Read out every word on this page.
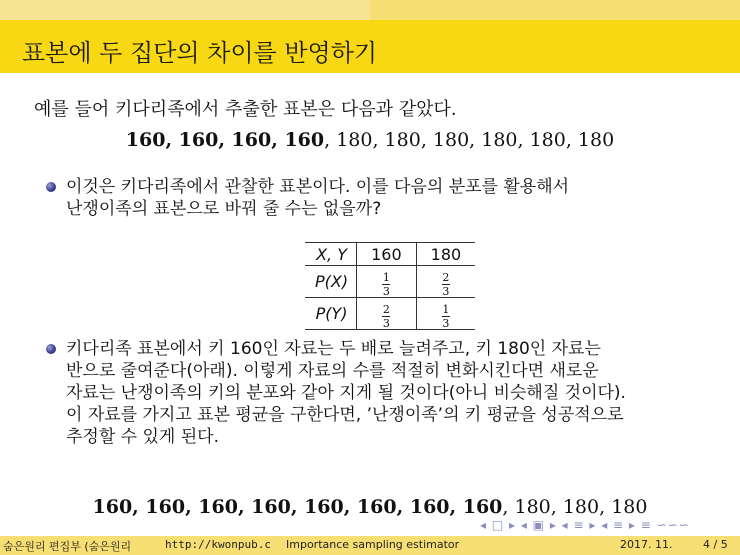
표본에 두 집단의 차이를 반영하기
예를 들어 키다리족에서 추출한 표본은 다음과 같았다.
160, 160, 160, 160, 180, 180, 180, 180, 180, 180
이것은 키다리족에서 관찰한 표본이다. 이를 다음의 분포를 활용해서
난쟁이족의 표본으로 바꿔 줄 수는 없을까?
X, Y	160	180
P(X)	$\frac{1}{3}$	$\frac{2}{3}$

P(Y)	$\frac{2}{3}$	$\frac{1}{3}$
키다리족 표본에서 키 160인 자료는 두 배로 늘려주고, 키 180인 자료는
반으로 줄여준다(아래). 이렇게 자료의 수를 적절히 변화시킨다면 새로운
자료는 난쟁이족의 키의 분포와 같아 지게 될 것이다(아니 비슷해질 것이다).
이 자료를 가지고 표본 평균을 구한다면, ’난쟁이족’의 키 평균을 성공적으로
추정할 수 있게 된다.
160, 160, 160, 160, 160, 160, 160, 160, 180, 180, 180
◂ □ ▸ ◂ ▣ ▸ ◂ ≡ ▸ ◂ ≡ ▸ ≡ ∽∽∽
숨은원리 편집부 (숨은원리	http://kwonpub.c Importance sampling estimator	2017. 11.	4 / 5
